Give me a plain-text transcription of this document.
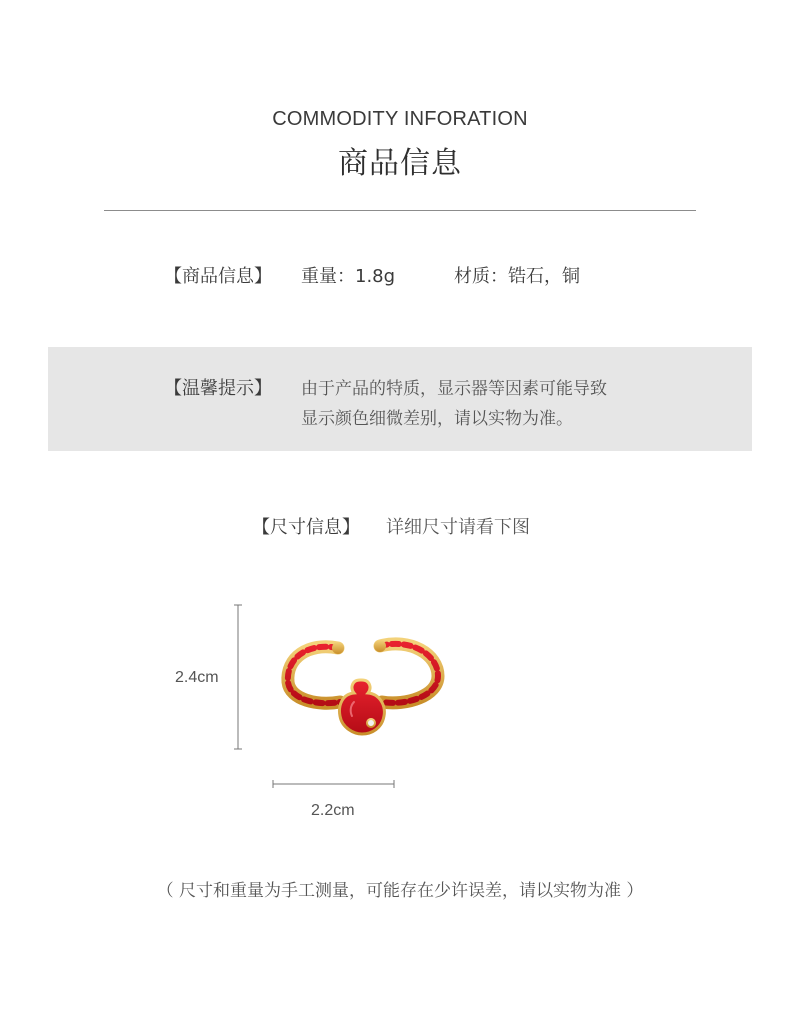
COMMODITY INFORATION
商品信息
【商品信息】 重量：1.8g	材质：锆石，铜
【温馨提示】 由于产品的特质，显示器等因素可能导致
显示颜色细微差别，请以实物为准。
【尺寸信息】 详细尺寸请看下图
2.4cm
2.2cm
（ 尺寸和重量为手工测量，可能存在少许误差，请以实物为准 ）
